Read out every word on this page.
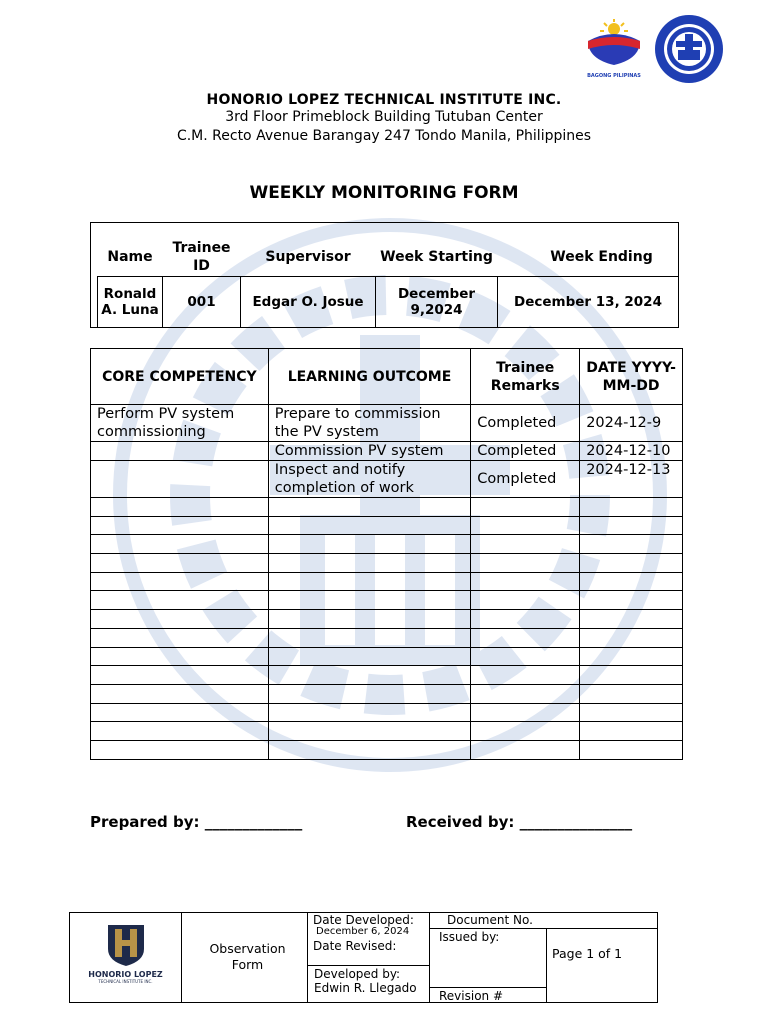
BAGONG PILIPINAS
HONORIO LOPEZ TECHNICAL INSTITUTE INC.
3rd Floor Primeblock Building Tutuban Center
C.M. Recto Avenue Barangay 247 Tondo Manila, Philippines
WEEKLY MONITORING FORM
Name	Trainee ID	Supervisor	Week Starting	Week Ending
Ronald A. Luna	001	Edgar O. Josue	December 9,2024	December 13, 2024
CORE COMPETENCY	LEARNING OUTCOME	Trainee Remarks	DATE YYYY-MM-DD
Perform PV system commissioning	Prepare to commission the PV system	Completed	2024-12-9
	Commission PV system	Completed	2024-12-10
	Inspect and notify completion of work	Completed	2024-12-13

Prepared by: _____________	Received by: _______________
HONORIO LOPEZ
TECHNICAL INSTITUTE INC.
Observation Form
Date Developed:
December 6, 2024
Date Revised:
Developed by:
Edwin R. Llegado
Document No.
Issued by:
Revision #
Page 1 of 1
